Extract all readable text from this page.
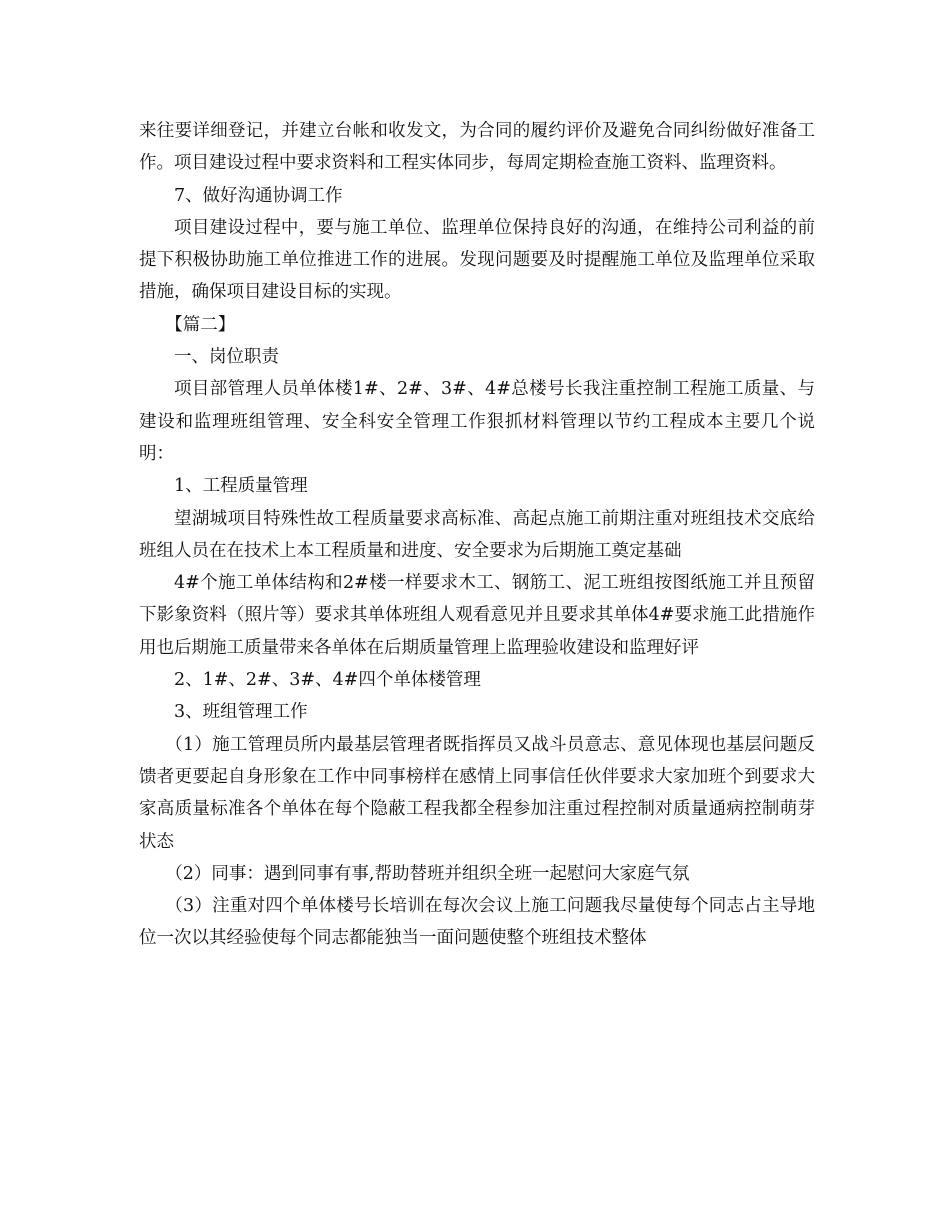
来往要详细登记，并建立台帐和收发文，为合同的履约评价及避免合同纠纷做好准备工作。项目建设过程中要求资料和工程实体同步，每周定期检查施工资料、监理资料。

7、做好沟通协调工作

项目建设过程中，要与施工单位、监理单位保持良好的沟通，在维持公司利益的前提下积极协助施工单位推进工作的进展。发现问题要及时提醒施工单位及监理单位采取措施，确保项目建设目标的实现。

【篇二】

一、岗位职责

项目部管理人员单体楼1#、2#、3#、4#总楼号长我注重控制工程施工质量、与建设和监理班组管理、安全科安全管理工作狠抓材料管理以节约工程成本主要几个说明：

1、工程质量管理

望湖城项目特殊性故工程质量要求高标准、高起点施工前期注重对班组技术交底给班组人员在在技术上本工程质量和进度、安全要求为后期施工奠定基础

4#个施工单体结构和2#楼一样要求木工、钢筋工、泥工班组按图纸施工并且预留下影象资料（照片等）要求其单体班组人观看意见并且要求其单体4#要求施工此措施作用也后期施工质量带来各单体在后期质量管理上监理验收建设和监理好评

2、1#、2#、3#、4#四个单体楼管理

3、班组管理工作

（1）施工管理员所内最基层管理者既指挥员又战斗员意志、意见体现也基层问题反馈者更要起自身形象在工作中同事榜样在感情上同事信任伙伴要求大家加班个到要求大家高质量标准各个单体在每个隐蔽工程我都全程参加注重过程控制对质量通病控制萌芽状态

（2）同事：遇到同事有事,帮助替班并组织全班一起慰问大家庭气氛

（3）注重对四个单体楼号长培训在每次会议上施工问题我尽量使每个同志占主导地位一次以其经验使每个同志都能独当一面问题使整个班组技术整体
